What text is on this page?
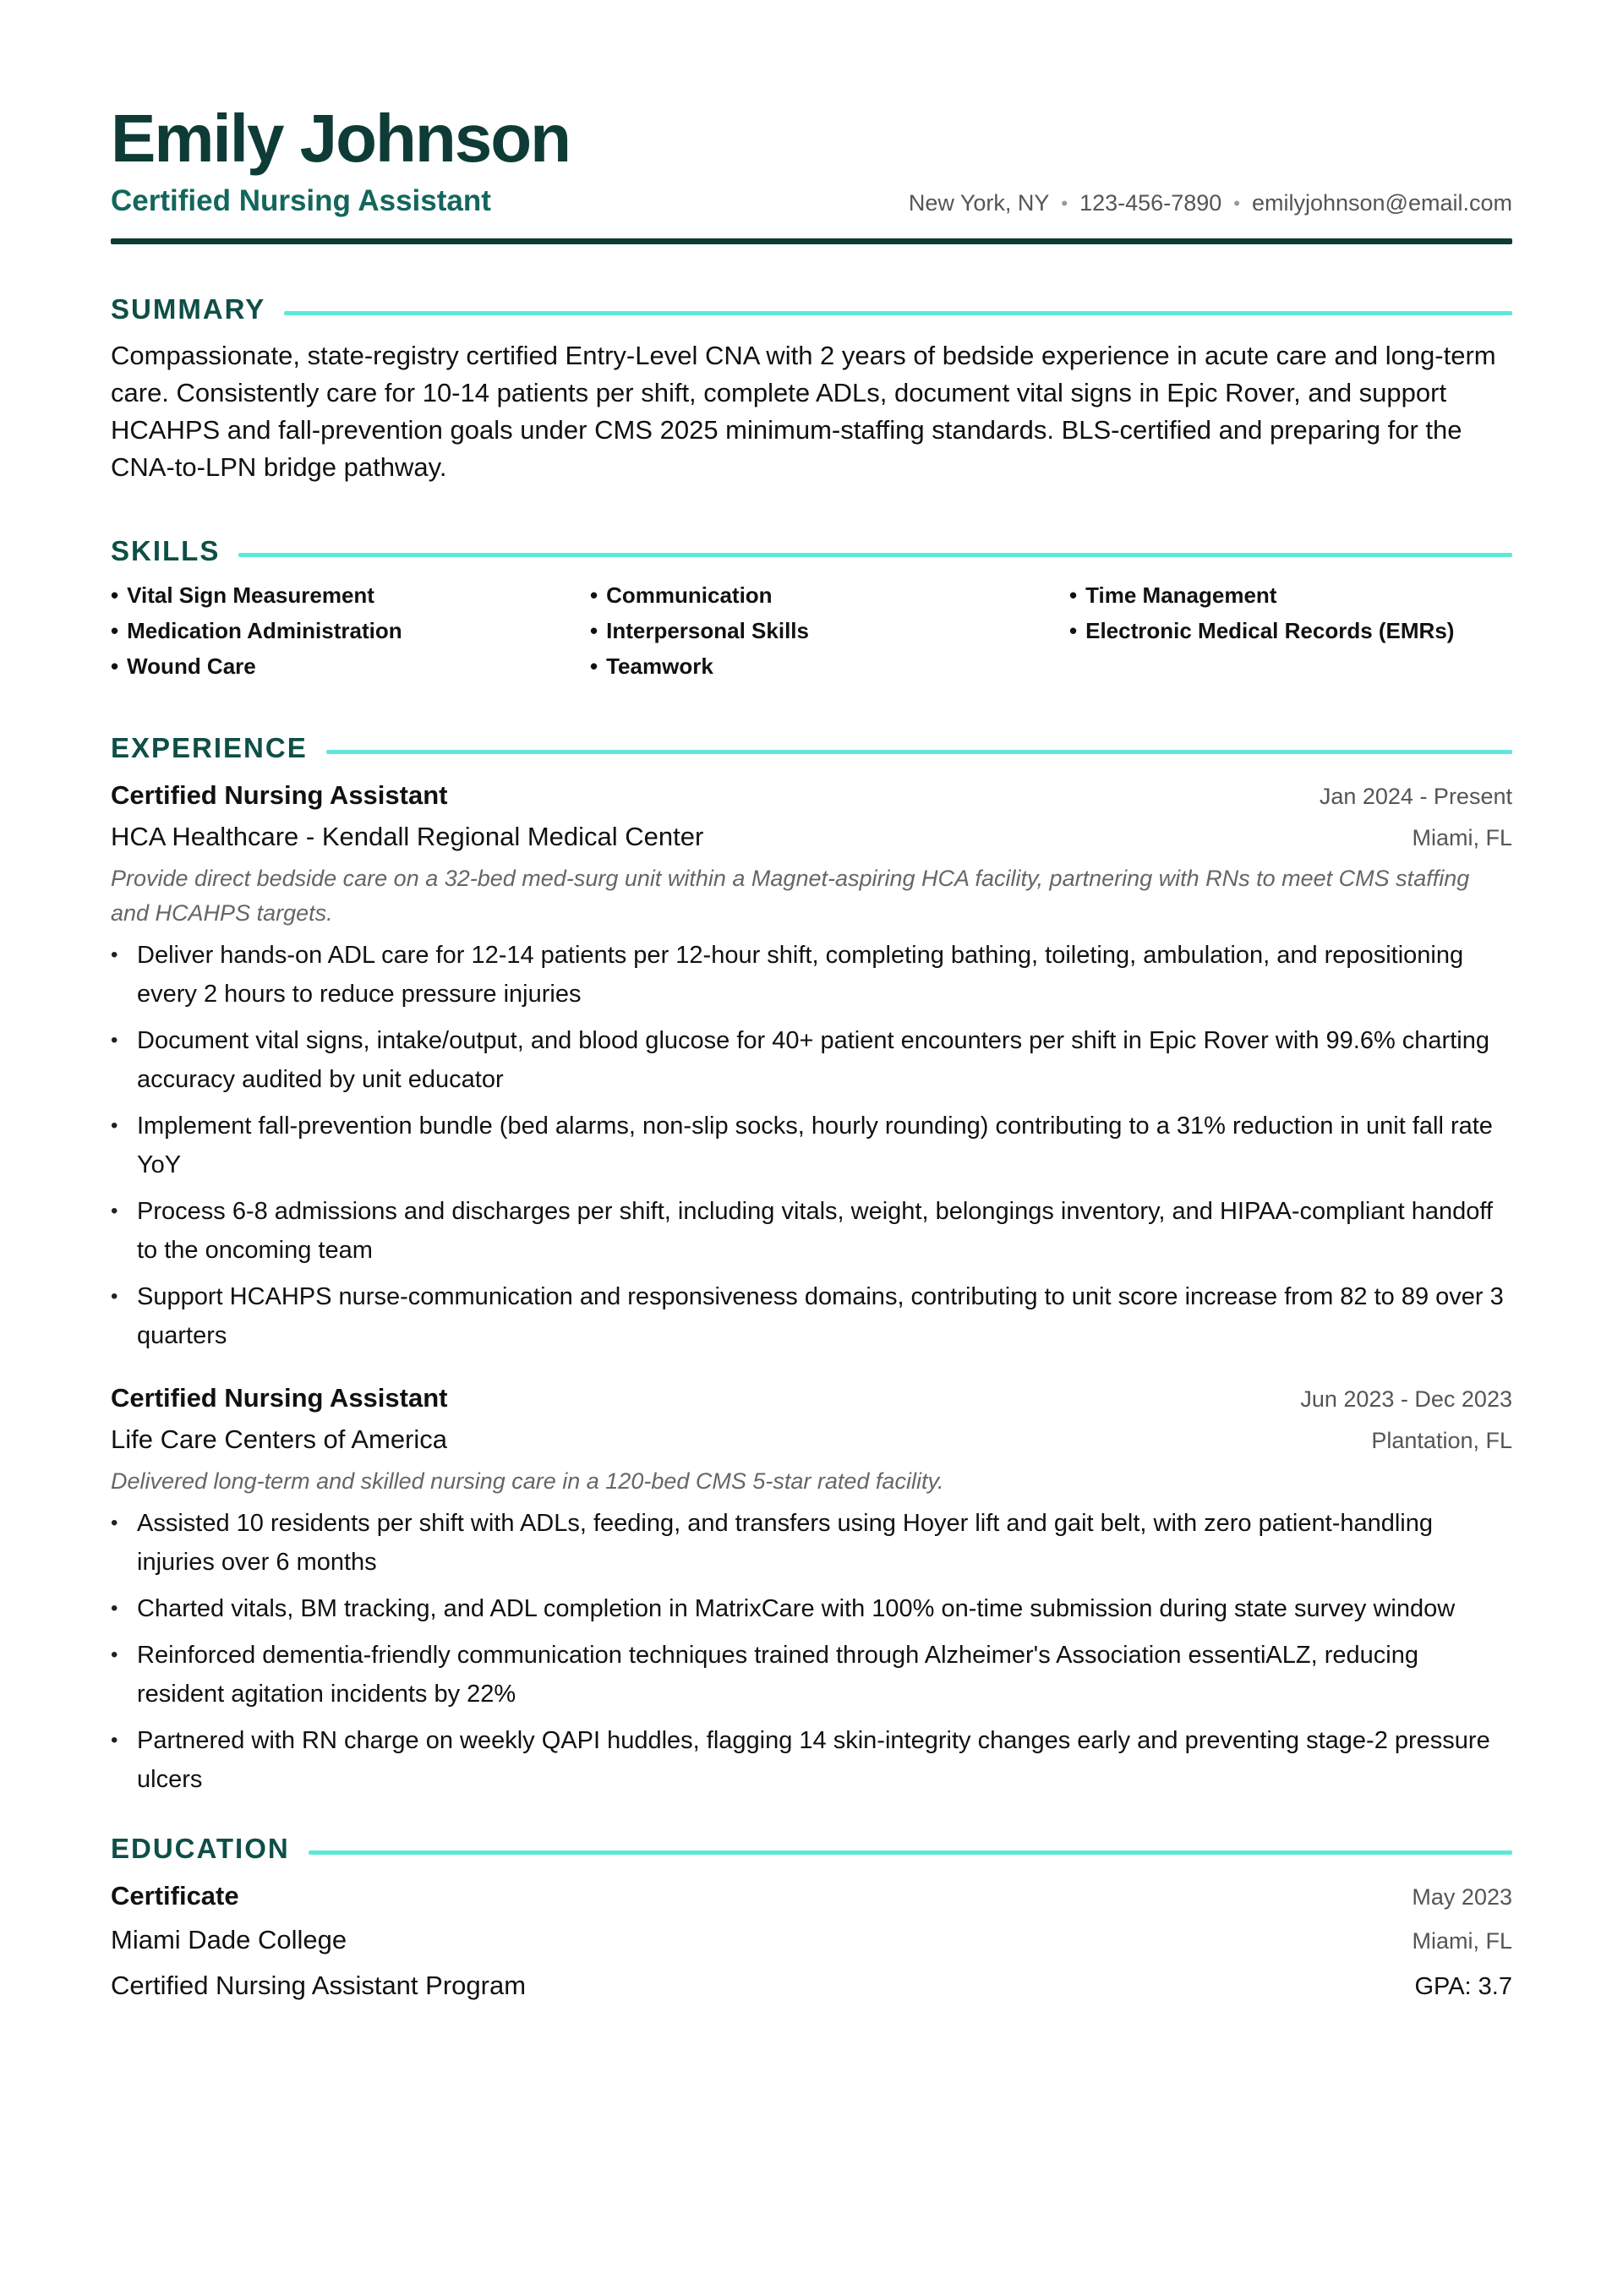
Emily Johnson
Certified Nursing Assistant	New York, NY • 123-456-7890 • emilyjohnson@email.com
SUMMARY

Compassionate, state-registry certified Entry-Level CNA with 2 years of bedside experience in acute care and long-term care. Consistently care for 10-14 patients per shift, complete ADLs, document vital signs in Epic Rover, and support HCAHPS and fall-prevention goals under CMS 2025 minimum-staffing standards. BLS-certified and preparing for the CNA-to-LPN bridge pathway.

SKILLS
• Vital Sign Measurement	• Communication	• Time Management
• Medication Administration	• Interpersonal Skills	• Electronic Medical Records (EMRs)
• Wound Care	• Teamwork
EXPERIENCE
Certified Nursing Assistant	Jan 2024 - Present
HCA Healthcare - Kendall Regional Medical Center	Miami, FL
Provide direct bedside care on a 32-bed med-surg unit within a Magnet-aspiring HCA facility, partnering with RNs to meet CMS staffing and HCAHPS targets.
• Deliver hands-on ADL care for 12-14 patients per 12-hour shift, completing bathing, toileting, ambulation, and repositioning every 2 hours to reduce pressure injuries
• Document vital signs, intake/output, and blood glucose for 40+ patient encounters per shift in Epic Rover with 99.6% charting accuracy audited by unit educator
• Implement fall-prevention bundle (bed alarms, non-slip socks, hourly rounding) contributing to a 31% reduction in unit fall rate YoY
• Process 6-8 admissions and discharges per shift, including vitals, weight, belongings inventory, and HIPAA-compliant handoff to the oncoming team
• Support HCAHPS nurse-communication and responsiveness domains, contributing to unit score increase from 82 to 89 over 3 quarters
Certified Nursing Assistant	Jun 2023 - Dec 2023
Life Care Centers of America	Plantation, FL
Delivered long-term and skilled nursing care in a 120-bed CMS 5-star rated facility.
• Assisted 10 residents per shift with ADLs, feeding, and transfers using Hoyer lift and gait belt, with zero patient-handling injuries over 6 months
• Charted vitals, BM tracking, and ADL completion in MatrixCare with 100% on-time submission during state survey window
• Reinforced dementia-friendly communication techniques trained through Alzheimer's Association essentiALZ, reducing resident agitation incidents by 22%
• Partnered with RN charge on weekly QAPI huddles, flagging 14 skin-integrity changes early and preventing stage-2 pressure ulcers
EDUCATION
Certificate	May 2023
Miami Dade College	Miami, FL
Certified Nursing Assistant Program	GPA: 3.7
